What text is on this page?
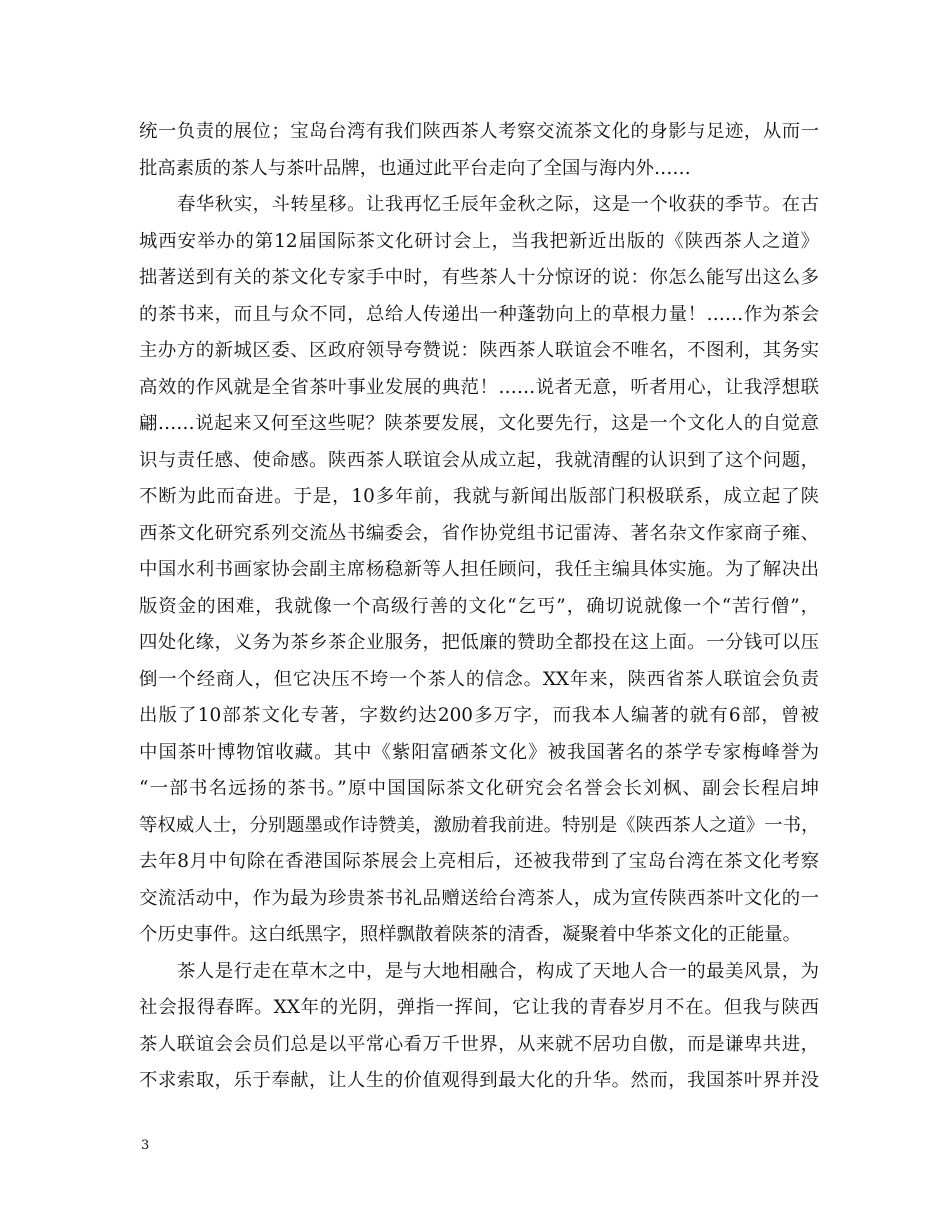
统一负责的展位；宝岛台湾有我们陕西茶人考察交流茶文化的身影与足迹，从而一
批高素质的茶人与茶叶品牌，也通过此平台走向了全国与海内外……
春华秋实，斗转星移。让我再忆壬辰年金秋之际，这是一个收获的季节。在古
城西安举办的第12届国际茶文化研讨会上，当我把新近出版的《陕西茶人之道》
拙著送到有关的茶文化专家手中时，有些茶人十分惊讶的说：你怎么能写出这么多
的茶书来，而且与众不同，总给人传递出一种蓬勃向上的草根力量！……作为茶会
主办方的新城区委、区政府领导夸赞说：陕西茶人联谊会不唯名，不图利，其务实
高效的作风就是全省茶叶事业发展的典范！……说者无意，听者用心，让我浮想联
翩……说起来又何至这些呢？陕茶要发展，文化要先行，这是一个文化人的自觉意
识与责任感、使命感。陕西茶人联谊会从成立起，我就清醒的认识到了这个问题，
不断为此而奋进。于是，10多年前，我就与新闻出版部门积极联系，成立起了陕
西茶文化研究系列交流丛书编委会，省作协党组书记雷涛、著名杂文作家商子雍、
中国水利书画家协会副主席杨稳新等人担任顾问，我任主编具体实施。为了解决出
版资金的困难，我就像一个高级行善的文化“乞丐”，确切说就像一个“苦行僧”，
四处化缘，义务为茶乡茶企业服务，把低廉的赞助全都投在这上面。一分钱可以压
倒一个经商人，但它决压不垮一个茶人的信念。XX年来，陕西省茶人联谊会负责
出版了10部茶文化专著，字数约达200多万字，而我本人编著的就有6部，曾被
中国茶叶博物馆收藏。其中《紫阳富硒茶文化》被我国著名的茶学专家梅峰誉为
“一部书名远扬的茶书。”原中国国际茶文化研究会名誉会长刘枫、副会长程启坤
等权威人士，分别题墨或作诗赞美，激励着我前进。特别是《陕西茶人之道》一书，
去年8月中旬除在香港国际茶展会上亮相后，还被我带到了宝岛台湾在茶文化考察
交流活动中，作为最为珍贵茶书礼品赠送给台湾茶人，成为宣传陕西茶叶文化的一
个历史事件。这白纸黑字，照样飘散着陕茶的清香，凝聚着中华茶文化的正能量。
茶人是行走在草木之中，是与大地相融合，构成了天地人合一的最美风景，为
社会报得春晖。XX年的光阴，弹指一挥间，它让我的青春岁月不在。但我与陕西
茶人联谊会会员们总是以平常心看万千世界，从来就不居功自傲，而是谦卑共进，
不求索取，乐于奉献，让人生的价值观得到最大化的升华。然而，我国茶叶界并没
3
